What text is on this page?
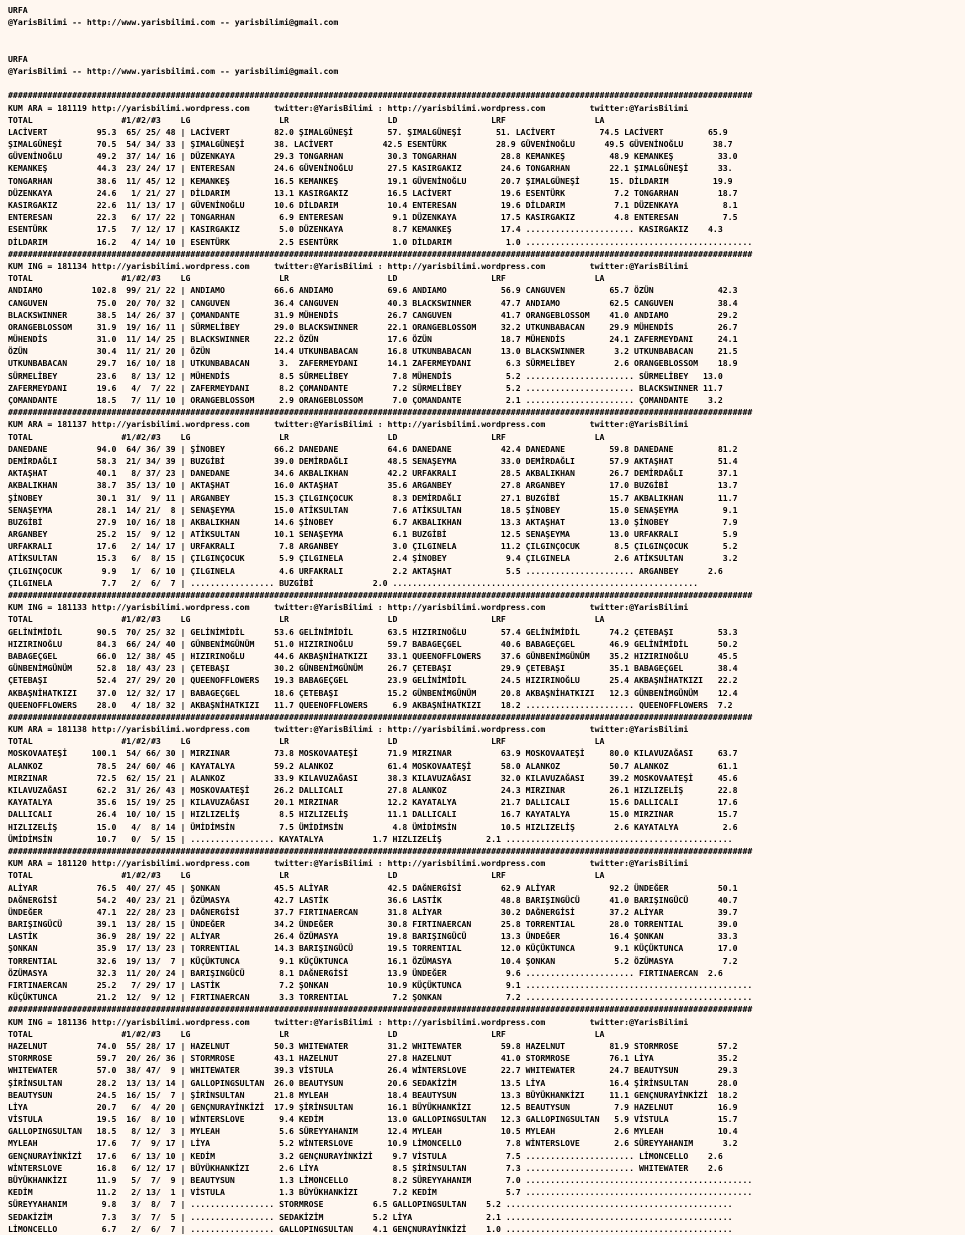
URFA
@YarisBilimi -- http://www.yarisbilimi.com -- yarisbilimi@gmail.com
URFA
@YarisBilimi -- http://www.yarisbilimi.com -- yarisbilimi@gmail.com
#######################################################################################################################################################
KUM ARA = 181119 http://yarisbilimi.wordpress.com     twitter:@YarisBilimi : http://yarisbilimi.wordpress.com         twitter:@YarisBilimi
TOTAL                  #1/#2/#3    LG                  LR                    LD                   LRF                  LA
LACİVERT          95.3  65/ 25/ 48 | LACİVERT         82.0 ŞIMALGÜNEŞİ       57. ŞIMALGÜNEŞİ       51. LACİVERT         74.5 LACİVERT         65.9
ŞIMALGÜNEŞİ       70.5  54/ 34/ 33 | ŞIMALGÜNEŞİ      38. LACİVERT          42.5 ESENTÜRK          28.9 GÜVENİNOĞLU      49.5 GÜVENİNOĞLU      38.7
GÜVENİNOĞLU       49.2  37/ 14/ 16 | DÜZENKAYA        29.3 TONGARHAN         30.3 TONGARHAN         28.8 KEMANKEŞ         48.9 KEMANKEŞ         33.0
KEMANKEŞ          44.3  23/ 24/ 17 | ENTERESAN        24.6 GÜVENİNOĞLU       27.5 KASIRGAKIZ        24.6 TONGARHAN        22.1 ŞIMALGÜNEŞİ      33.
TONGARHAN         38.6  11/ 45/ 12 | KEMANKEŞ         16.5 KEMANKEŞ          19.1 GÜVENİNOĞLU       20.7 ŞIMALGÜNEŞİ      15. DİLDARIM         19.9
DÜZENKAYA         24.6   1/ 21/ 27 | DİLDARIM         13.1 KASIRGAKIZ        16.5 LACİVERT          19.6 ESENTÜRK          7.2 TONGARHAN        18.7
KASIRGAKIZ        22.6  11/ 13/ 17 | GÜVENİNOĞLU      10.6 DİLDARIM          10.4 ENTERESAN         19.6 DİLDARIM          7.1 DÜZENKAYA         8.1
ENTERESAN         22.3   6/ 17/ 22 | TONGARHAN         6.9 ENTERESAN          9.1 DÜZENKAYA         17.5 KASIRGAKIZ        4.8 ENTERESAN         7.5
ESENTÜRK          17.5   7/ 12/ 17 | KASIRGAKIZ        5.0 DÜZENKAYA          8.7 KEMANKEŞ          17.4 ...................... KASIRGAKIZ    4.3
DİLDARIM          16.2   4/ 14/ 10 | ESENTÜRK          2.5 ESENTÜRK           1.0 DİLDARIM           1.0 ..............................................
#######################################################################################################################################################
KUM ING = 181134 http://yarisbilimi.wordpress.com     twitter:@YarisBilimi : http://yarisbilimi.wordpress.com         twitter:@YarisBilimi
TOTAL                  #1/#2/#3    LG                  LR                    LD                   LRF                  LA
ANDIAMO          102.8  99/ 21/ 22 | ANDIAMO          66.6 ANDIAMO           69.6 ANDIAMO           56.9 CANGUVEN         65.7 ÖZÜN             42.3
CANGUVEN          75.0  20/ 70/ 32 | CANGUVEN         36.4 CANGUVEN          40.3 BLACKSWINNER      47.7 ANDIAMO          62.5 CANGUVEN         38.4
BLACKSWINNER      38.5  14/ 26/ 37 | ÇOMANDANTE       31.9 MÜHENDİS          26.7 CANGUVEN          41.7 ORANGEBLOSSOM    41.0 ANDIAMO          29.2
ORANGEBLOSSOM     31.9  19/ 16/ 11 | SÜRMELİBEY       29.0 BLACKSWINNER      22.1 ORANGEBLOSSOM     32.2 UTKUNBABACAN     29.9 MÜHENDİS         26.7
MÜHENDİS          31.0  11/ 14/ 25 | BLACKSWINNER     22.2 ÖZÜN              17.6 ÖZÜN              18.7 MÜHENDİS         24.1 ZAFERMEYDANI     24.1
ÖZÜN              30.4  11/ 21/ 20 | ÖZÜN             14.4 UTKUNBABACAN      16.8 UTKUNBABACAN      13.0 BLACKSWINNER      3.2 UTKUNBABACAN     21.5
UTKUNBABACAN      29.7  16/ 10/ 18 | UTKUNBABACAN      3.  ZAFERMEYDANI      14.1 ZAFERMEYDANI       6.3 SÜRMELİBEY        2.6 ORANGEBLOSSOM    18.9
SÜRMELİBEY        23.6   8/ 13/ 12 | MÜHENDİS          8.5 SÜRMELİBEY         7.8 MÜHENDİS           5.2 ...................... SÜRMELİBEY   13.0
ZAFERMEYDANI      19.6   4/  7/ 22 | ZAFERMEYDANI      8.2 ÇOMANDANTE         7.2 SÜRMELİBEY         5.2 ...................... BLACKSWINNER 11.7
ÇOMANDANTE        18.5   7/ 11/ 10 | ORANGEBLOSSOM     2.9 ORANGEBLOSSOM      7.0 ÇOMANDANTE         2.1 ...................... ÇOMANDANTE    3.2
#######################################################################################################################################################
KUM ARA = 181137 http://yarisbilimi.wordpress.com     twitter:@YarisBilimi : http://yarisbilimi.wordpress.com         twitter:@YarisBilimi
TOTAL                  #1/#2/#3    LG                  LR                    LD                   LRF                  LA
DANEDANE          94.0  64/ 36/ 39 | ŞİNOBEY          66.2 DANEDANE          64.6 DANEDANE          42.4 DANEDANE         59.8 DANEDANE         81.2
DEMİRDAĞLI        58.3  21/ 34/ 39 | BUZGİBİ          39.0 DEMİRDAĞLI        48.5 SENAŞEYMA         33.0 DEMİRDAĞLI       57.9 AKTAŞHAT         51.4
AKTAŞHAT          40.1   8/ 37/ 23 | DANEDANE         34.6 AKBALIKHAN        42.2 URFAKRALI         28.5 AKBALIKHAN       26.7 DEMİRDAĞLI       37.1
AKBALIKHAN        38.7  35/ 13/ 10 | AKTAŞHAT         16.0 AKTAŞHAT          35.6 ARGANBEY          27.8 ARGANBEY         17.0 BUZGİBİ          13.7
ŞİNOBEY           30.1  31/  9/ 11 | ARGANBEY         15.3 ÇILGINÇOCUK        8.3 DEMİRDAĞLI        27.1 BUZGİBİ          15.7 AKBALIKHAN       11.7
SENAŞEYMA         28.1  14/ 21/  8 | SENAŞEYMA        15.0 ATİKSULTAN         7.6 ATİKSULTAN        18.5 ŞİNOBEY          15.0 SENAŞEYMA         9.1
BUZGİBİ           27.9  10/ 16/ 18 | AKBALIKHAN       14.6 ŞİNOBEY            6.7 AKBALIKHAN        13.3 AKTAŞHAT         13.0 ŞİNOBEY           7.9
ARGANBEY          25.2  15/  9/ 12 | ATİKSULTAN       10.1 SENAŞEYMA          6.1 BUZGİBİ           12.5 SENAŞEYMA        13.0 URFAKRALI         5.9
URFAKRALI         17.6   2/ 14/ 17 | URFAKRALI         7.8 ARGANBEY           3.0 ÇILGINELA         11.2 ÇILGINÇOCUK       8.5 ÇILGINÇOCUK       5.2
ATİKSULTAN        15.3   6/  8/ 15 | ÇILGINÇOCUK       5.9 ÇILGINELA          2.4 ŞİNOBEY            9.4 ÇILGINELA         2.6 ATİKSULTAN        3.2
ÇILGINÇOCUK        9.9   1/  6/ 10 | ÇILGINELA         4.6 URFAKRALI          2.2 AKTAŞHAT           5.5 ...................... ARGANBEY      2.6
ÇILGINELA          7.7   2/  6/  7 | ................. BUZGİBİ            2.0 ..............................................................
#######################################################################################################################################################
KUM ING = 181133 http://yarisbilimi.wordpress.com     twitter:@YarisBilimi : http://yarisbilimi.wordpress.com         twitter:@YarisBilimi
TOTAL                  #1/#2/#3    LG                  LR                    LD                   LRF                  LA
GELİNİMİDİL       90.5  70/ 25/ 32 | GELİNİMİDİL      53.6 GELİNİMİDİL       63.5 HIZIRINOĞLU       57.4 GELİNİMİDİL      74.2 ÇETEBAŞI         53.3
HIZIRINOĞLU       84.3  66/ 24/ 40 | GÜNBENİMGÜNÜM    51.0 HIZIRINOĞLU       59.7 BABAGEÇGEL        40.6 BABAGEÇGEL       46.9 GELİNİMİDİL      50.2
BABAGEÇGEL        66.0  12/ 38/ 45 | HIZIRINOĞLU      44.6 AKBAŞNİHATKIZI    33.1 QUEENOFFLOWERS    37.6 GÜNBENİMGÜNÜM    35.2 HIZIRINOĞLU      45.5
GÜNBENİMGÜNÜM     52.8  18/ 43/ 23 | ÇETEBAŞI         30.2 GÜNBENİMGÜNÜM     26.7 ÇETEBAŞI          29.9 ÇETEBAŞI         35.1 BABAGEÇGEL       38.4
ÇETEBAŞI          52.4  27/ 29/ 20 | QUEENOFFLOWERS   19.3 BABAGEÇGEL        23.9 GELİNİMİDİL       24.5 HIZIRINOĞLU      25.4 AKBAŞNİHATKIZI   22.2
AKBAŞNİHATKIZI    37.0  12/ 32/ 17 | BABAGEÇGEL       18.6 ÇETEBAŞI          15.2 GÜNBENİMGÜNÜM     20.8 AKBAŞNİHATKIZI   12.3 GÜNBENİMGÜNÜM    12.4
QUEENOFFLOWERS    28.0   4/ 18/ 32 | AKBAŞNİHATKIZI   11.7 QUEENOFFLOWERS     6.9 AKBAŞNİHATKIZI    18.2 ...................... QUEENOFFLOWERS  7.2
#######################################################################################################################################################
KUM ARA = 181138 http://yarisbilimi.wordpress.com     twitter:@YarisBilimi : http://yarisbilimi.wordpress.com         twitter:@YarisBilimi
TOTAL                  #1/#2/#3    LG                  LR                    LD                   LRF                  LA
MOSKOVAATEŞİ     100.1  54/ 66/ 30 | MIRZINAR         73.8 MOSKOVAATEŞİ      71.9 MIRZINAR          63.9 MOSKOVAATEŞİ     80.0 KILAVUZAĞASI     63.7
ALANKOZ           78.5  24/ 60/ 46 | KAYATALYA        59.2 ALANKOZ           61.4 MOSKOVAATEŞİ      58.0 ALANKOZ          50.7 ALANKOZ          61.1
MIRZINAR          72.5  62/ 15/ 21 | ALANKOZ          33.9 KILAVUZAĞASI      38.3 KILAVUZAĞASI      32.0 KILAVUZAĞASI     39.2 MOSKOVAATEŞİ     45.6
KILAVUZAĞASI      62.2  31/ 26/ 43 | MOSKOVAATEŞİ     26.2 DALLICALI         27.8 ALANKOZ           24.3 MIRZINAR         26.1 HIZLIZELİŞ       22.8
KAYATALYA         35.6  15/ 19/ 25 | KILAVUZAĞASI     20.1 MIRZINAR          12.2 KAYATALYA         21.7 DALLICALI        15.6 DALLICALI        17.6
DALLICALI         26.4  10/ 10/ 15 | HIZLIZELİŞ        8.5 HIZLIZELİŞ        11.1 DALLICALI         16.7 KAYATALYA        15.0 MIRZINAR         15.7
HIZLIZELİŞ        15.0   4/  8/ 14 | ÜMİDİMSİN         7.5 ÜMİDİMSİN          4.8 ÜMİDİMSİN         10.5 HIZLIZELİŞ        2.6 KAYATALYA         2.6
ÜMİDİMSİN         10.7   0/  5/ 15 | ................. KAYATALYA          1.7 HIZLIZELİŞ         2.1 ..............................................
#######################################################################################################################################################
KUM ARA = 181120 http://yarisbilimi.wordpress.com     twitter:@YarisBilimi : http://yarisbilimi.wordpress.com         twitter:@YarisBilimi
TOTAL                  #1/#2/#3    LG                  LR                    LD                   LRF                  LA
ALİYAR            76.5  40/ 27/ 45 | ŞONKAN           45.5 ALİYAR            42.5 DAĞNERGİSİ        62.9 ALİYAR           92.2 ÜNDEĞER          50.1
DAĞNERGİSİ        54.2  40/ 23/ 21 | ÖZÜMASYA         42.7 LASTİK            36.6 LASTİK            48.8 BARIŞINGÜCÜ      41.0 BARIŞINGÜCÜ      40.7
ÜNDEĞER           47.1  22/ 28/ 23 | DAĞNERGİSİ       37.7 FIRTINAERCAN      31.8 ALİYAR            30.2 DAĞNERGİSİ       37.2 ALİYAR           39.7
BARIŞINGÜCÜ       39.1  13/ 28/ 15 | ÜNDEĞER          34.2 ÜNDEĞER           30.8 FIRTINAERCAN      25.8 TORRENTIAL       28.0 TORRENTIAL       39.0
LASTİK            36.9  28/ 19/ 22 | ALİYAR           26.4 ÖZÜMASYA          19.8 BARIŞINGÜCÜ       13.3 ÜNDEĞER          16.4 ŞONKAN           33.3
ŞONKAN            35.9  17/ 13/ 23 | TORRENTIAL       14.3 BARIŞINGÜCÜ       19.5 TORRENTIAL        12.0 KÜÇÜKTUNCA        9.1 KÜÇÜKTUNCA       17.0
TORRENTIAL        32.6  19/ 13/  7 | KÜÇÜKTUNCA        9.1 KÜÇÜKTUNCA        16.1 ÖZÜMASYA          10.4 ŞONKAN            5.2 ÖZÜMASYA          7.2
ÖZÜMASYA          32.3  11/ 20/ 24 | BARIŞINGÜCÜ       8.1 DAĞNERGİSİ        13.9 ÜNDEĞER            9.6 ...................... FIRTINAERCAN  2.6
FIRTINAERCAN      25.2   7/ 29/ 17 | LASTİK            7.2 ŞONKAN            10.9 KÜÇÜKTUNCA         9.1 ..............................................
KÜÇÜKTUNCA        21.2  12/  9/ 12 | FIRTINAERCAN      3.3 TORRENTIAL         7.2 ŞONKAN             7.2 ..............................................
#######################################################################################################################################################
KUM ING = 181136 http://yarisbilimi.wordpress.com     twitter:@YarisBilimi : http://yarisbilimi.wordpress.com         twitter:@YarisBilimi
TOTAL                  #1/#2/#3    LG                  LR                    LD                   LRF                  LA
HAZELNUT          74.0  55/ 28/ 17 | HAZELNUT         50.3 WHITEWATER        31.2 WHITEWATER        59.8 HAZELNUT         81.9 STORMROSE        57.2
STORMROSE         59.7  20/ 26/ 36 | STORMROSE        43.1 HAZELNUT          27.8 HAZELNUT          41.0 STORMROSE        76.1 LİYA             35.2
WHITEWATER        57.0  38/ 47/  9 | WHITEWATER       39.3 VİSTULA           26.4 WİNTERSLOVE       22.7 WHITEWATER       24.7 BEAUTYSUN        29.3
ŞİRİNSULTAN       28.2  13/ 13/ 14 | GALLOPINGSULTAN  26.0 BEAUTYSUN         20.6 SEDAKİZİM         13.5 LİYA             16.4 ŞİRİNSULTAN      28.0
BEAUTYSUN         24.5  16/ 15/  7 | ŞİRİNSULTAN      21.8 MYLEAH            18.4 BEAUTYSUN         13.3 BÜYÜKHANKİZI     11.1 GENÇNURAYİNKİZİ  18.2
LİYA              20.7   6/  4/ 20 | GENÇNURAYİNKİZİ  17.9 ŞİRİNSULTAN       16.1 BÜYÜKHANKİZI      12.5 BEAUTYSUN         7.9 HAZELNUT         16.9
VİSTULA           19.5  16/  8/ 10 | WİNTERSLOVE       9.4 KEDİM             13.0 GALLOPINGSULTAN   12.3 GALLOPINGSULTAN   5.9 VİSTULA          15.7
GALLOPINGSULTAN   18.5   8/ 12/  3 | MYLEAH            5.6 SÜREYYAHANIM      12.4 MYLEAH            10.5 MYLEAH            2.6 MYLEAH           10.4
MYLEAH            17.6   7/  9/ 17 | LİYA              5.2 WİNTERSLOVE       10.9 LİMONCELLO         7.8 WİNTERSLOVE       2.6 SÜREYYAHANIM      3.2
GENÇNURAYİNKİZİ   17.6   6/ 13/ 10 | KEDİM             3.2 GENÇNURAYİNKİZİ    9.7 VİSTULA            7.5 ...................... LİMONCELLO    2.6
WİNTERSLOVE       16.8   6/ 12/ 17 | BÜYÜKHANKİZI      2.6 LİYA               8.5 ŞİRİNSULTAN        7.3 ...................... WHITEWATER    2.6
BÜYÜKHANKİZI      11.9   5/  7/  9 | BEAUTYSUN         1.3 LİMONCELLO         8.2 SÜREYYAHANIM       7.0 ..............................................
KEDİM             11.2   2/ 13/  1 | VİSTULA           1.3 BÜYÜKHANKİZI       7.2 KEDİM              5.7 ..............................................
SÜREYYAHANIM       9.8   3/  8/  7 | ................. STORMROSE          6.5 GALLOPINGSULTAN    5.2 ..............................................
SEDAKİZİM          7.3   3/  7/  5 | ................. SEDAKİZİM          5.2 LİYA               2.1 ..............................................
LİMONCELLO         6.7   2/  6/  7 | ................. GALLOPINGSULTAN    4.1 GENÇNURAYİNKİZİ    1.0 ..............................................
